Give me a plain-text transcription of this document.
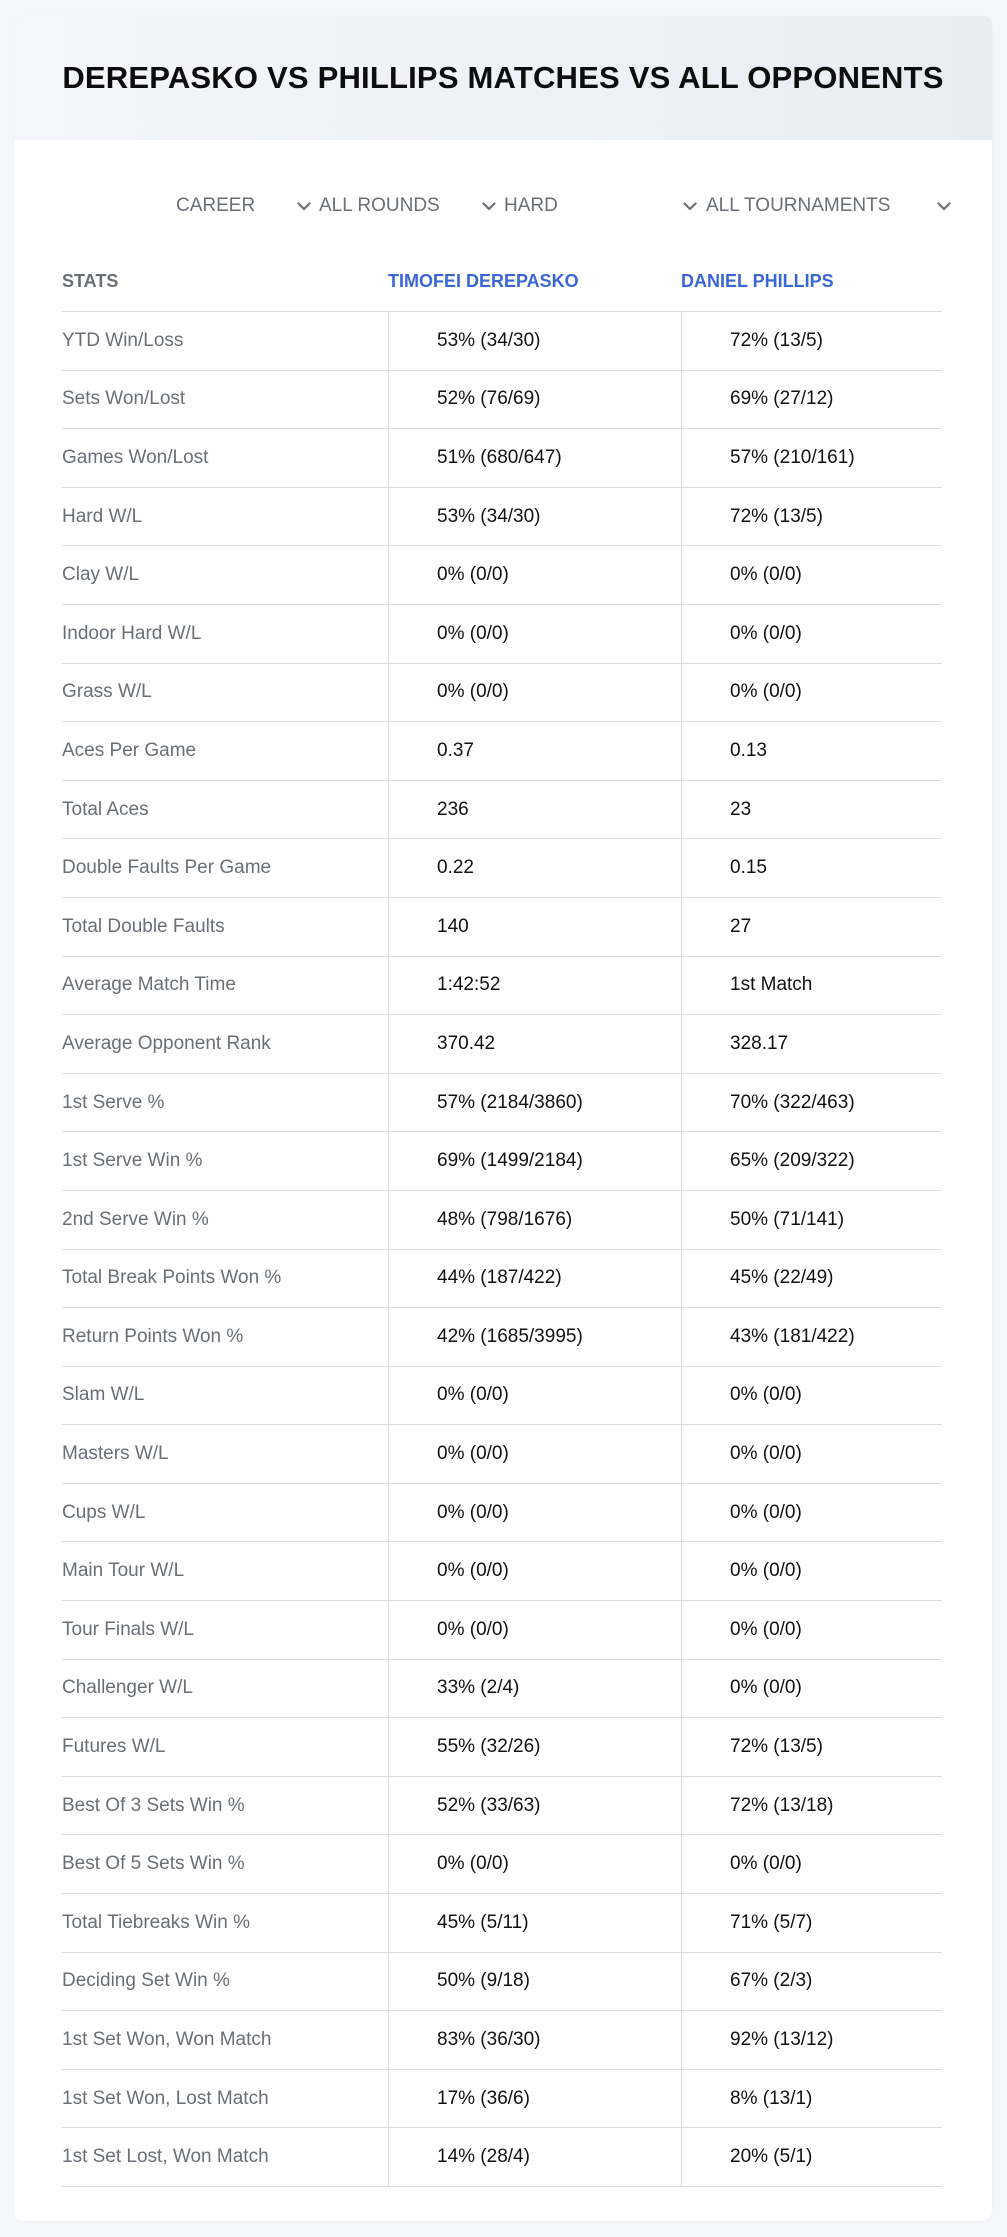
DEREPASKO VS PHILLIPS MATCHES VS ALL OPPONENTS
CAREER	ALL ROUNDS	HARD	ALL TOURNAMENTS
STATS	TIMOFEI DEREPASKO	DANIEL PHILLIPS
YTD Win/Loss	53% (34/30)	72% (13/5)
Sets Won/Lost	52% (76/69)	69% (27/12)
Games Won/Lost	51% (680/647)	57% (210/161)
Hard W/L	53% (34/30)	72% (13/5)
Clay W/L	0% (0/0)	0% (0/0)
Indoor Hard W/L	0% (0/0)	0% (0/0)
Grass W/L	0% (0/0)	0% (0/0)
Aces Per Game	0.37	0.13
Total Aces	236	23
Double Faults Per Game	0.22	0.15
Total Double Faults	140	27
Average Match Time	1:42:52	1st Match
Average Opponent Rank	370.42	328.17
1st Serve %	57% (2184/3860)	70% (322/463)
1st Serve Win %	69% (1499/2184)	65% (209/322)
2nd Serve Win %	48% (798/1676)	50% (71/141)
Total Break Points Won %	44% (187/422)	45% (22/49)
Return Points Won %	42% (1685/3995)	43% (181/422)
Slam W/L	0% (0/0)	0% (0/0)
Masters W/L	0% (0/0)	0% (0/0)
Cups W/L	0% (0/0)	0% (0/0)
Main Tour W/L	0% (0/0)	0% (0/0)
Tour Finals W/L	0% (0/0)	0% (0/0)
Challenger W/L	33% (2/4)	0% (0/0)
Futures W/L	55% (32/26)	72% (13/5)
Best Of 3 Sets Win %	52% (33/63)	72% (13/18)
Best Of 5 Sets Win %	0% (0/0)	0% (0/0)
Total Tiebreaks Win %	45% (5/11)	71% (5/7)
Deciding Set Win %	50% (9/18)	67% (2/3)
1st Set Won, Won Match	83% (36/30)	92% (13/12)
1st Set Won, Lost Match	17% (36/6)	8% (13/1)
1st Set Lost, Won Match	14% (28/4)	20% (5/1)
